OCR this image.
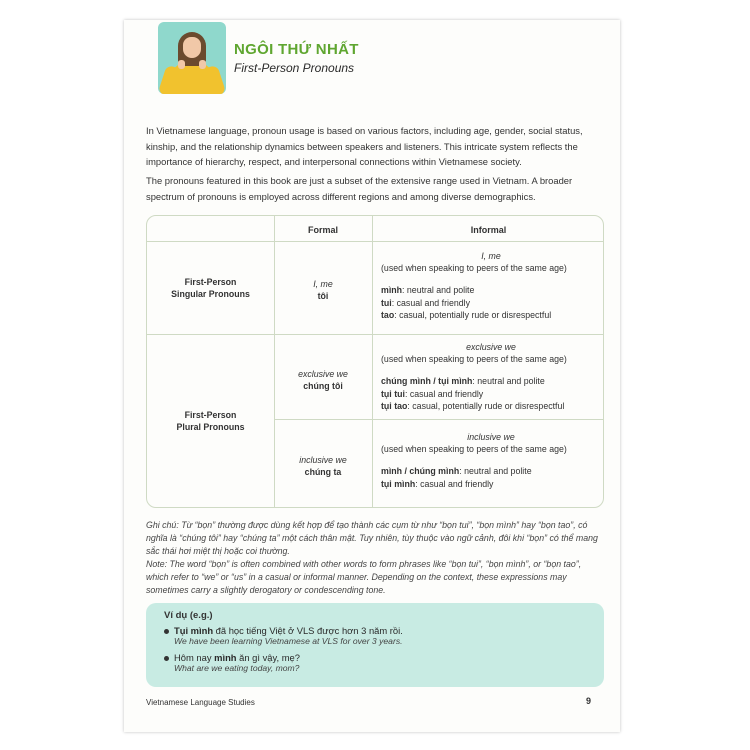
NGÔI THỨ NHẤT
First-Person Pronouns

In Vietnamese language, pronoun usage is based on various factors, including age, gender, social status, kinship, and the relationship dynamics between speakers and listeners. This intricate system reflects the importance of hierarchy, respect, and interpersonal connections within Vietnamese society.

The pronouns featured in this book are just a subset of the extensive range used in Vietnam. A broader spectrum of pronouns is employed across different regions and among diverse demographics.

Formal	Informal
First-Person
Singular Pronouns
I, me
tôi
I, me
(used when speaking to peers of the same age)
mình: neutral and polite
tui: casual and friendly
tao: casual, potentially rude or disrespectful
First-Person
Plural Pronouns
exclusive we
chúng tôi
exclusive we
(used when speaking to peers of the same age)
chúng mình / tụi mình: neutral and polite
tụi tui: casual and friendly
tụi tao: casual, potentially rude or disrespectful
inclusive we
chúng ta
inclusive we
(used when speaking to peers of the same age)
mình / chúng mình: neutral and polite
tụi mình: casual and friendly

Ghi chú: Từ “bọn” thường được dùng kết hợp để tạo thành các cụm từ như “bọn tui”, “bọn mình” hay “bọn tao”, có nghĩa là “chúng tôi” hay “chúng ta” một cách thân mật. Tuy nhiên, tùy thuộc vào ngữ cảnh, đôi khi “bọn” có thể mang sắc thái hơi miệt thị hoặc coi thường.

Note: The word “bọn” is often combined with other words to form phrases like “bọn tui”, “bọn mình”, or “bọn tao”, which refer to “we” or “us” in a casual or informal manner. Depending on the context, these expressions may sometimes carry a slightly derogatory or condescending tone.

Ví dụ (e.g.)
Tụi mình đã học tiếng Việt ở VLS được hơn 3 năm rồi.
We have been learning Vietnamese at VLS for over 3 years.
Hôm nay mình ăn gì vậy, mẹ?
What are we eating today, mom?
Vietnamese Language Studies	9
